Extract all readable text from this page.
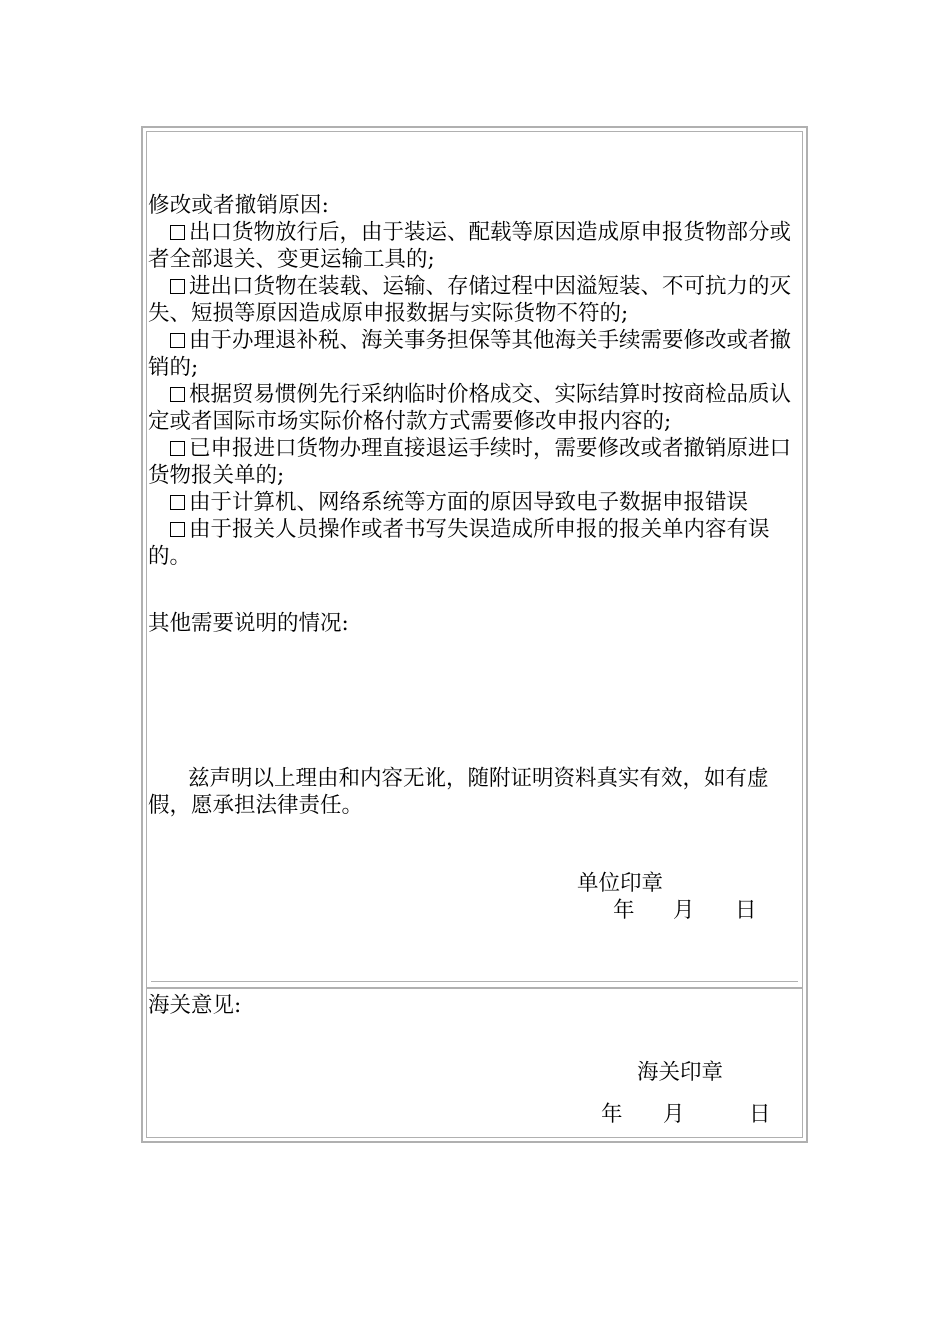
修改或者撤销原因:
出口货物放行后，由于装运、配载等原因造成原申报货物部分或者全部退关、变更运输工具的;
进出口货物在装载、运输、存储过程中因溢短装、不可抗力的灭失、短损等原因造成原申报数据与实际货物不符的;
由于办理退补税、海关事务担保等其他海关手续需要修改或者撤销的;
根据贸易惯例先行采纳临时价格成交、实际结算时按商检品质认定或者国际市场实际价格付款方式需要修改申报内容的;
已申报进口货物办理直接退运手续时，需要修改或者撤销原进口货物报关单的;
由于计算机、网络系统等方面的原因导致电子数据申报错误
由于报关人员操作或者书写失误造成所申报的报关单内容有误的。
其他需要说明的情况:
兹声明以上理由和内容无讹，随附证明资料真实有效，如有虚假，愿承担法律责任。
单位印章
年 月 日
海关意见:
海关印章
年 月	日
